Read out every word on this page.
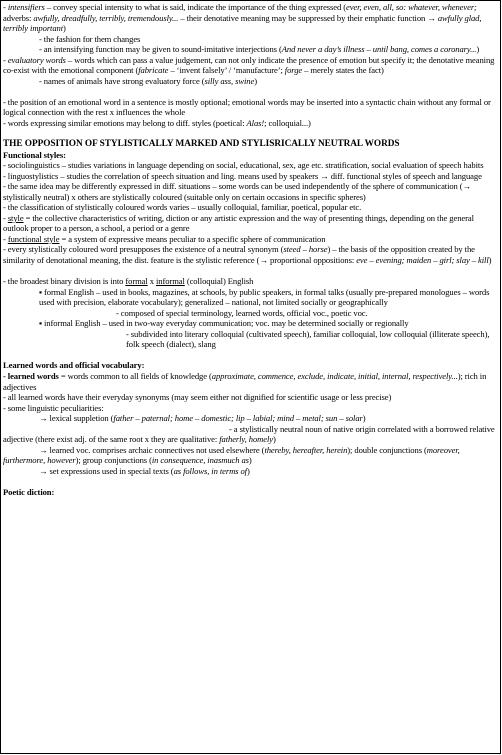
- intensifiers – convey special intensity to what is said, indicate the importance of the thing expressed (ever, even, all, so: whatever, whenever; adverbs: awfully, dreadfully, terribly, tremendously... – their denotative meaning may be suppressed by their emphatic function → awfully glad, terribly important)

- the fashion for them changes

- an intensifying function may be given to sound-imitative interjections (And never a day’s illness – until bang, comes a coronary...)

- evaluatory words – words which can pass a value judgement, can not only indicate the presence of emotion but specify it; the denotative meaning co-exist with the emotional component (fabricate – ‘invent falsely’ / ‘manufacture’; forge – merely states the fact)

- names of animals have strong evaluatory force (silly ass, swine)

- the position of an emotional word in a sentence is mostly optional; emotional words may be inserted into a syntactic chain without any formal or logical connection with the rest x influences the whole

- words expressing similar emotions may belong to diff. styles (poetical: Alas!; colloquial...)

THE OPPOSITION OF STYLISTICALLY MARKED AND STYLISRICALLY NEUTRAL WORDS

Functional styles:

- sociolinguistics – studies variations in language depending on social, educational, sex, age etc. stratification, social evaluation of speech habits

- linguostylistics – studies the correlation of speech situation and ling. means used by speakers → diff. functional styles of speech and language

- the same idea may be differently expressed in diff. situations – some words can be used independently of the sphere of communication (→ stylistically neutral) x others are stylistically coloured (suitable only on certain occasions in specific spheres)

- the classification of stylistically coloured words varies – usually colloquial, familiar, poetical, popular etc.

- style = the collective characteristics of writing, diction or any artistic expression and the way of presenting things, depending on the general outlook proper to a person, a school, a period or a genre

- functional style = a system of expressive means peculiar to a specific sphere of communication

- every stylistically coloured word presupposes the existence of a neutral synonym (steed – horse) – the basis of the opposition created by the similarity of denotational meaning, the dist. feature is the stylistic reference (→ proportional oppositions: eve – evening; maiden – girl; slay – kill)

- the broadest binary division is into formal x informal (colloquial) English

▪ formal English – used in books, magazines, at schools, by public speakers, in formal talks (usually pre-prepared monologues – words used with precision, elaborate vocabulary); generalized – national, not limited socially or geographically

- composed of special terminology, learned words, official voc., poetic voc.

▪ informal English – used in two-way everyday communication; voc. may be determined socially or regionally

- subdivided into literary colloquial (cultivated speech), familiar colloquial, low colloquial (illiterate speech), folk speech (dialect), slang

Learned words and official vocabulary:

- learned words = words common to all fields of knowledge (approximate, commence, exclude, indicate, initial, internal, respectively...); rich in adjectives

- all learned words have their everyday synonyms (may seem either not dignified for scientific usage or less precise)

- some linguistic peculiarities:

→ lexical suppletion (father – paternal; home – domestic; lip – labial; mind – metal; sun – solar)

- a stylistically neutral noun of native origin correlated with a borrowed relative adjective (there exist adj. of the same root x they are qualitative: fatherly, homely)

→ learned voc. comprises archaic connectives not used elsewhere (thereby, hereafter, herein); double conjunctions (moreover, furthermore, however); group conjunctions (in consequence, inasmuch as)

→ set expressions used in special texts (as follows, in terms of)

Poetic diction:
